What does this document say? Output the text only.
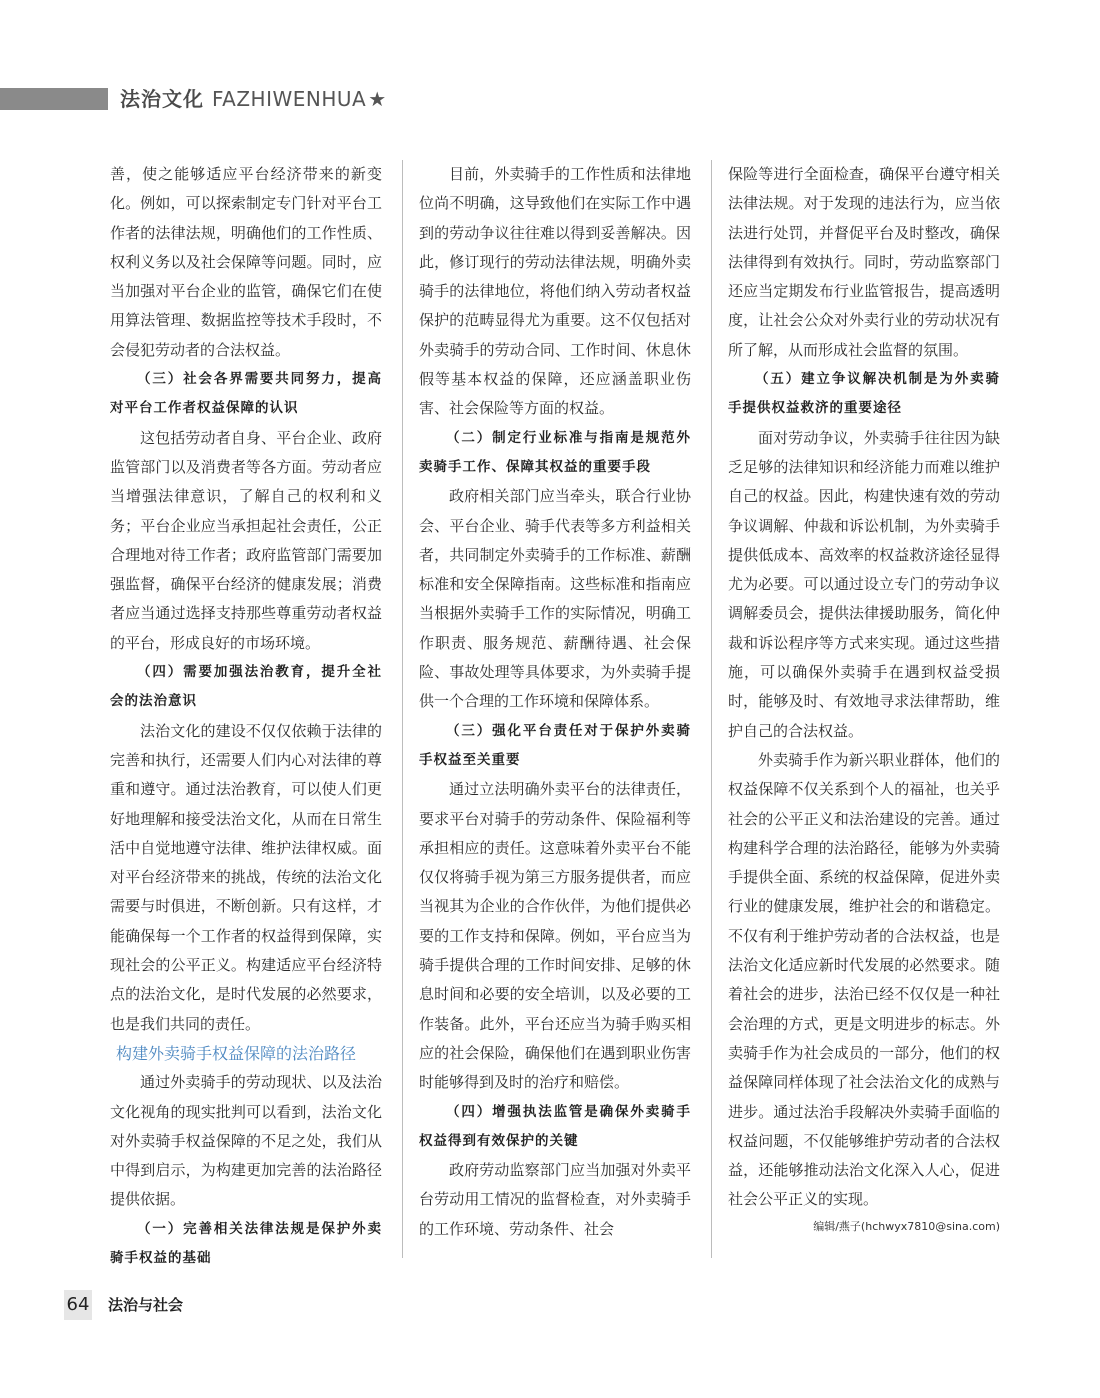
法治文化 FAZHIWENHUA ★

善，使之能够适应平台经济带来的新变化。例如，可以探索制定专门针对平台工作者的法律法规，明确他们的工作性质、权利义务以及社会保障等问题。同时，应当加强对平台企业的监管，确保它们在使用算法管理、数据监控等技术手段时，不会侵犯劳动者的合法权益。

（三）社会各界需要共同努力，提高对平台工作者权益保障的认识

这包括劳动者自身、平台企业、政府监管部门以及消费者等各方面。劳动者应当增强法律意识，了解自己的权利和义务；平台企业应当承担起社会责任，公正合理地对待工作者；政府监管部门需要加强监督，确保平台经济的健康发展；消费者应当通过选择支持那些尊重劳动者权益的平台，形成良好的市场环境。

（四）需要加强法治教育，提升全社会的法治意识

法治文化的建设不仅仅依赖于法律的完善和执行，还需要人们内心对法律的尊重和遵守。通过法治教育，可以使人们更好地理解和接受法治文化，从而在日常生活中自觉地遵守法律、维护法律权威。面对平台经济带来的挑战，传统的法治文化需要与时俱进，不断创新。只有这样，才能确保每一个工作者的权益得到保障，实现社会的公平正义。构建适应平台经济特点的法治文化，是时代发展的必然要求，也是我们共同的责任。

构建外卖骑手权益保障的法治路径

通过外卖骑手的劳动现状、以及法治文化视角的现实批判可以看到，法治文化对外卖骑手权益保障的不足之处，我们从中得到启示，为构建更加完善的法治路径提供依据。

（一）完善相关法律法规是保护外卖骑手权益的基础

目前，外卖骑手的工作性质和法律地位尚不明确，这导致他们在实际工作中遇到的劳动争议往往难以得到妥善解决。因此，修订现行的劳动法律法规，明确外卖骑手的法律地位，将他们纳入劳动者权益保护的范畴显得尤为重要。这不仅包括对外卖骑手的劳动合同、工作时间、休息休假等基本权益的保障，还应涵盖职业伤害、社会保险等方面的权益。

（二）制定行业标准与指南是规范外卖骑手工作、保障其权益的重要手段

政府相关部门应当牵头，联合行业协会、平台企业、骑手代表等多方利益相关者，共同制定外卖骑手的工作标准、薪酬标准和安全保障指南。这些标准和指南应当根据外卖骑手工作的实际情况，明确工作职责、服务规范、薪酬待遇、社会保险、事故处理等具体要求，为外卖骑手提供一个合理的工作环境和保障体系。

（三）强化平台责任对于保护外卖骑手权益至关重要

通过立法明确外卖平台的法律责任，要求平台对骑手的劳动条件、保险福利等承担相应的责任。这意味着外卖平台不能仅仅将骑手视为第三方服务提供者，而应当视其为企业的合作伙伴，为他们提供必要的工作支持和保障。例如，平台应当为骑手提供合理的工作时间安排、足够的休息时间和必要的安全培训，以及必要的工作装备。此外，平台还应当为骑手购买相应的社会保险，确保他们在遇到职业伤害时能够得到及时的治疗和赔偿。

（四）增强执法监管是确保外卖骑手权益得到有效保护的关键

政府劳动监察部门应当加强对外卖平台劳动用工情况的监督检查，对外卖骑手的工作环境、劳动条件、社会

保险等进行全面检查，确保平台遵守相关法律法规。对于发现的违法行为，应当依法进行处罚，并督促平台及时整改，确保法律得到有效执行。同时，劳动监察部门还应当定期发布行业监管报告，提高透明度，让社会公众对外卖行业的劳动状况有所了解，从而形成社会监督的氛围。

（五）建立争议解决机制是为外卖骑手提供权益救济的重要途径

面对劳动争议，外卖骑手往往因为缺乏足够的法律知识和经济能力而难以维护自己的权益。因此，构建快速有效的劳动争议调解、仲裁和诉讼机制，为外卖骑手提供低成本、高效率的权益救济途径显得尤为必要。可以通过设立专门的劳动争议调解委员会，提供法律援助服务，简化仲裁和诉讼程序等方式来实现。通过这些措施，可以确保外卖骑手在遇到权益受损时，能够及时、有效地寻求法律帮助，维护自己的合法权益。

外卖骑手作为新兴职业群体，他们的权益保障不仅关系到个人的福祉，也关乎社会的公平正义和法治建设的完善。通过构建科学合理的法治路径，能够为外卖骑手提供全面、系统的权益保障，促进外卖行业的健康发展，维护社会的和谐稳定。不仅有利于维护劳动者的合法权益，也是法治文化适应新时代发展的必然要求。随着社会的进步，法治已经不仅仅是一种社会治理的方式，更是文明进步的标志。外卖骑手作为社会成员的一部分，他们的权益保障同样体现了社会法治文化的成熟与进步。通过法治手段解决外卖骑手面临的权益问题，不仅能够维护劳动者的合法权益，还能够推动法治文化深入人心，促进社会公平正义的实现。

编辑/燕子(hchwyx7810@sina.com)
64 法治与社会
